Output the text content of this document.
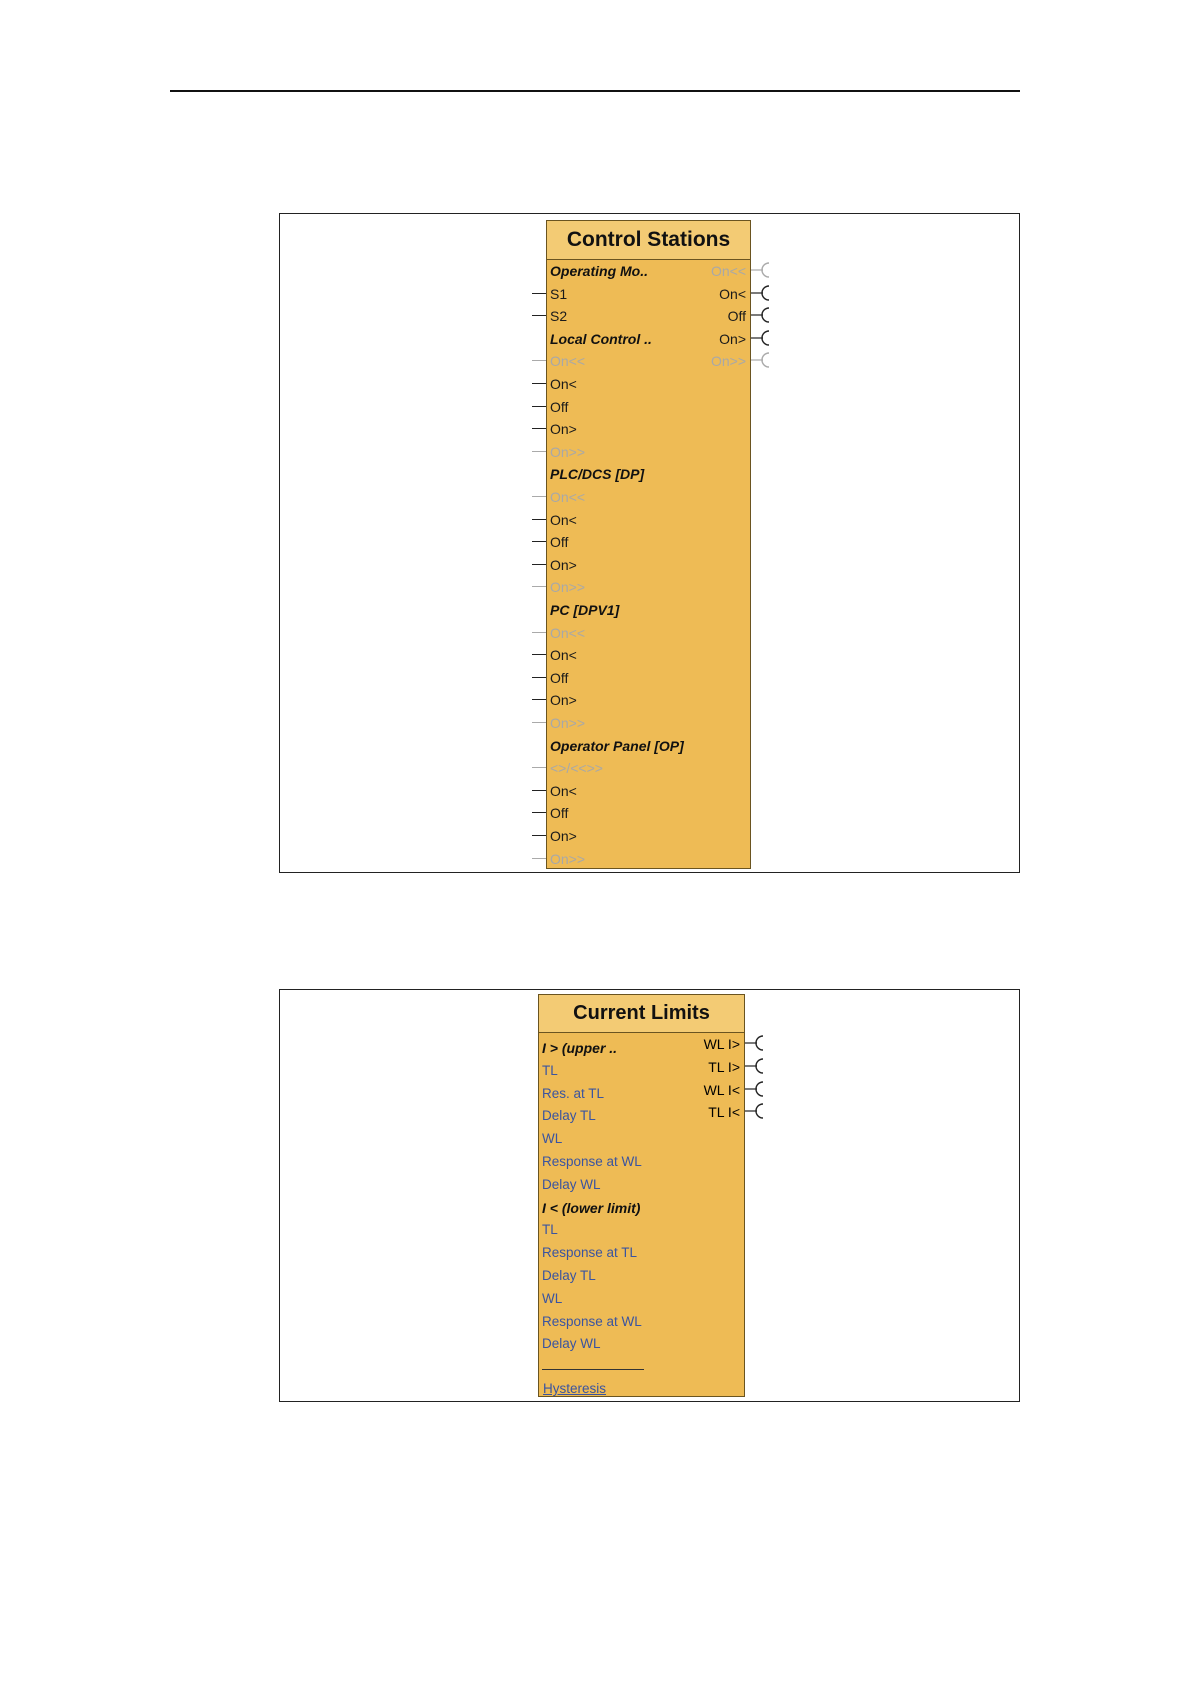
Control Stations
Operating Mo..
S1
S2
Local Control ..
On<<
On<
Off
On>
On>>
PLC/DCS [DP]
On<<
On<
Off
On>
On>>
PC [DPV1]
On<<
On<
Off
On>
On>>
Operator Panel [OP]
<>/<<>>
On<
Off
On>
On>>
On<<
On<
Off
On>
On>>
Current Limits
I > (upper ..
TL
Res. at TL
Delay TL
WL
Response at WL
Delay WL
I < (lower limit)
TL
Response at TL
Delay TL
WL
Response at WL
Delay WL
WL I>
TL I>
WL I<
TL I<
Hysteresis
